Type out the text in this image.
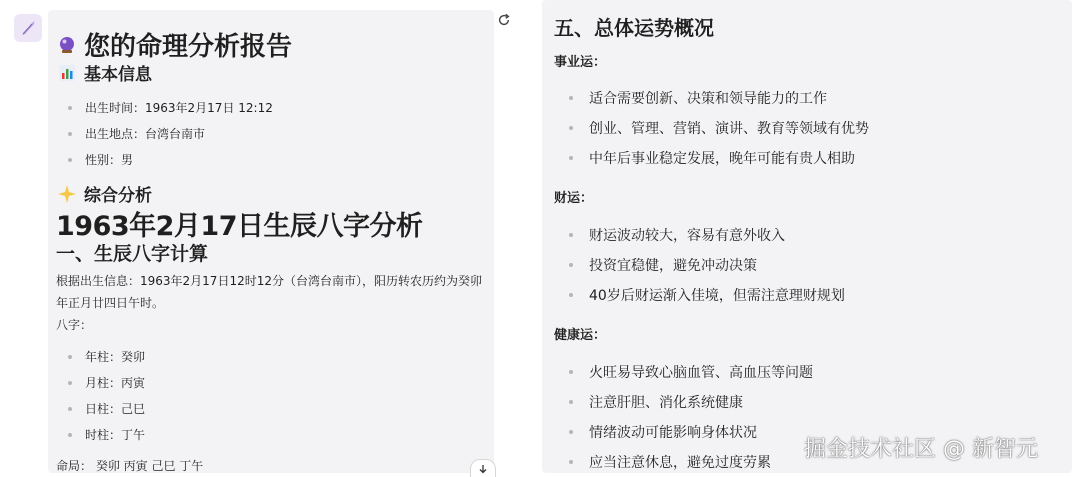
您的命理分析报告
基本信息
出生时间：1963年2月17日 12:12
出生地点：台湾台南市
性别：男
综合分析
1963年2月17日生辰八字分析
一、生辰八字计算
根据出生信息：1963年2月17日12时12分（台湾台南市），阳历转农历约为癸卯年正月廿四日午时。
八字：
年柱：癸卯
月柱：丙寅
日柱：己巳
时柱：丁午
命局： 癸卯 丙寅 己巳 丁午
五、总体运势概况
事业运：
适合需要创新、决策和领导能力的工作
创业、管理、营销、演讲、教育等领域有优势
中年后事业稳定发展，晚年可能有贵人相助
财运：
财运波动较大，容易有意外收入
投资宜稳健，避免冲动决策
40岁后财运渐入佳境，但需注意理财规划
健康运：
火旺易导致心脑血管、高血压等问题
注意肝胆、消化系统健康
情绪波动可能影响身体状况
应当注意休息，避免过度劳累
掘金技术社区 @ 新智元
